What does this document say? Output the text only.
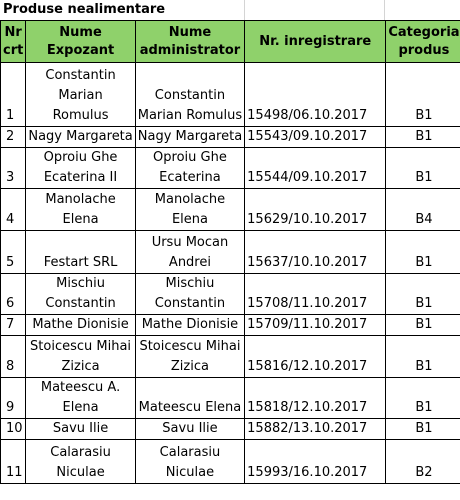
Produse nealimentare
Nr
crt	Nume Expozant	Nume
administrator	Nr. inregistrare	Categoria
produs

1	Constantin
Marian
Romulus	Constantin
Marian Romulus	15498/06.10.2017	B1
2	Nagy Margareta	Nagy Margareta	15543/09.10.2017	B1
3	Oproiu Ghe
Ecaterina II	Oproiu Ghe
Ecaterina	15544/09.10.2017	B1
4	Manolache
Elena	Manolache
Elena	15629/10.10.2017	B4
5	Festart SRL	Ursu Mocan
Andrei	15637/10.10.2017	B1
6	Mischiu
Constantin	Mischiu
Constantin	15708/11.10.2017	B1
7	Mathe Dionisie	Mathe Dionisie	15709/11.10.2017	B1
8	Stoicescu Mihai
Zizica	Stoicescu Mihai
Zizica	15816/12.10.2017	B1
9	Mateescu A.
Elena	Mateescu Elena	15818/12.10.2017	B1
10	Savu Ilie	Savu Ilie	15882/13.10.2017	B1
11	Calarasiu
Niculae	Calarasiu
Niculae	15993/16.10.2017	B2
